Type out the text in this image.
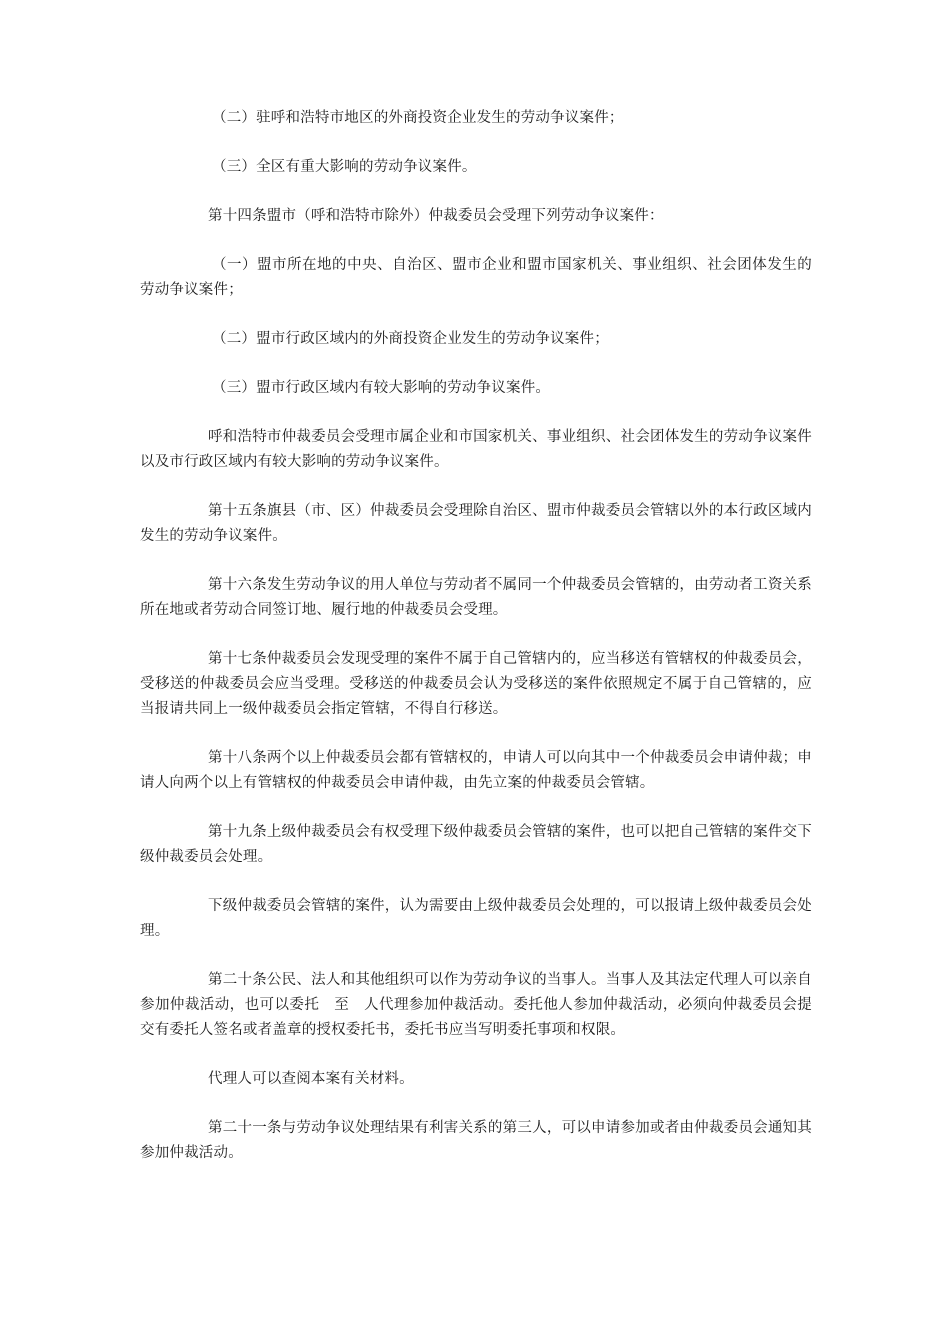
（二）驻呼和浩特市地区的外商投资企业发生的劳动争议案件；

（三）全区有重大影响的劳动争议案件。

第十四条盟市（呼和浩特市除外）仲裁委员会受理下列劳动争议案件：

（一）盟市所在地的中央、自治区、盟市企业和盟市国家机关、事业组织、社会团体发生的劳动争议案件；

（二）盟市行政区域内的外商投资企业发生的劳动争议案件；

（三）盟市行政区域内有较大影响的劳动争议案件。

呼和浩特市仲裁委员会受理市属企业和市国家机关、事业组织、社会团体发生的劳动争议案件以及市行政区域内有较大影响的劳动争议案件。

第十五条旗县（市、区）仲裁委员会受理除自治区、盟市仲裁委员会管辖以外的本行政区域内发生的劳动争议案件。

第十六条发生劳动争议的用人单位与劳动者不属同一个仲裁委员会管辖的，由劳动者工资关系所在地或者劳动合同签订地、履行地的仲裁委员会受理。

第十七条仲裁委员会发现受理的案件不属于自己管辖内的，应当移送有管辖权的仲裁委员会，受移送的仲裁委员会应当受理。受移送的仲裁委员会认为受移送的案件依照规定不属于自己管辖的，应当报请共同上一级仲裁委员会指定管辖，不得自行移送。

第十八条两个以上仲裁委员会都有管辖权的，申请人可以向其中一个仲裁委员会申请仲裁；申请人向两个以上有管辖权的仲裁委员会申请仲裁，由先立案的仲裁委员会管辖。

第十九条上级仲裁委员会有权受理下级仲裁委员会管辖的案件，也可以把自己管辖的案件交下级仲裁委员会处理。

下级仲裁委员会管辖的案件，认为需要由上级仲裁委员会处理的，可以报请上级仲裁委员会处理。

第二十条公民、法人和其他组织可以作为劳动争议的当事人。当事人及其法定代理人可以亲自参加仲裁活动，也可以委托　至　人代理参加仲裁活动。委托他人参加仲裁活动，必须向仲裁委员会提交有委托人签名或者盖章的授权委托书，委托书应当写明委托事项和权限。

代理人可以查阅本案有关材料。

第二十一条与劳动争议处理结果有利害关系的第三人，可以申请参加或者由仲裁委员会通知其参加仲裁活动。
